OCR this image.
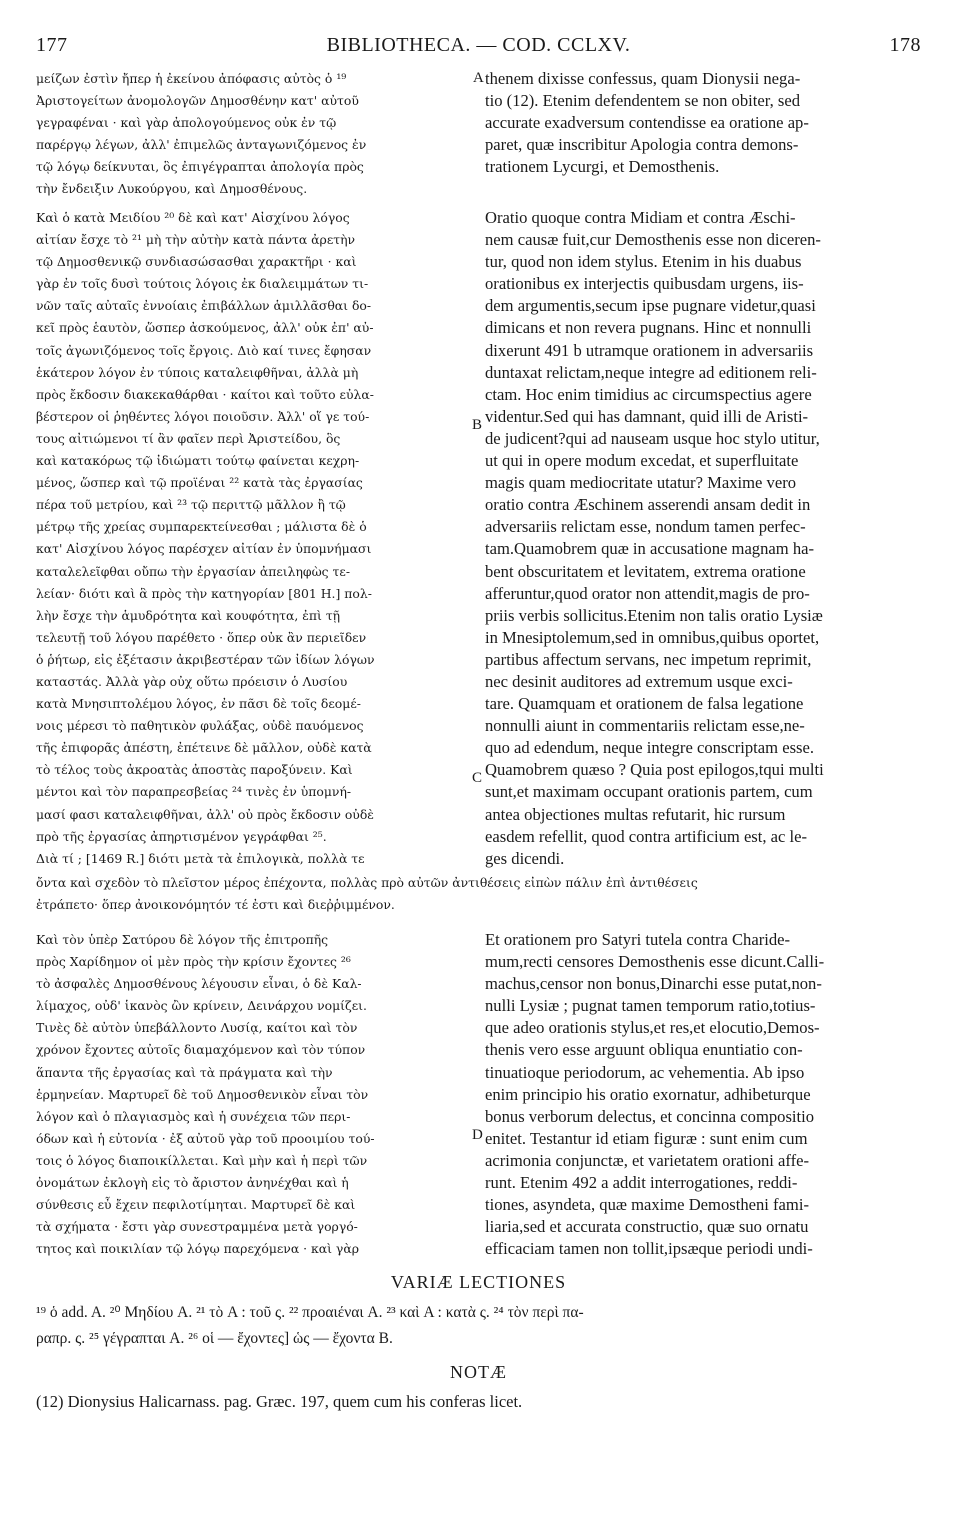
177	BIBLIOTHECA. — COD. CCLXV.	178
μείζων ἐστὶν ἤπερ ἡ ἐκείνου ἀπόφασις αὐτὸς ὁ ¹⁹
Ἀριστογείτων ἀνομολογῶν Δημοσθένην κατ' αὐτοῦ
γεγραφέναι · καὶ γὰρ ἀπολογούμενος οὐκ ἐν τῷ
παρέργῳ λέγων, ἀλλ' ἐπιμελῶς ἀνταγωνιζόμενος ἐν
τῷ λόγῳ δείκνυται, ὃς ἐπιγέγραπται ἀπολογία πρὸς
τὴν ἔνδειξιν Λυκούργου, καὶ Δημοσθένους.
Καὶ ὁ κατὰ Μειδίου ²⁰ δὲ καὶ κατ' Αἰσχίνου λόγος
αἰτίαν ἔσχε τὸ ²¹ μὴ τὴν αὐτὴν κατὰ πάντα ἀρετὴν
τῷ Δημοσθενικῷ συνδιασώσασθαι χαρακτῆρι · καὶ
γὰρ ἐν τοῖς δυσὶ τούτοις λόγοις ἐκ διαλειμμάτων τι-
νῶν ταῖς αὐταῖς ἐννοίαις ἐπιβάλλων ἁμιλλᾶσθαι δο-
κεῖ πρὸς ἑαυτὸν, ὥσπερ ἀσκούμενος, ἀλλ' οὐκ ἐπ' αὐ-
τοῖς ἀγωνιζόμενος τοῖς ἔργοις. Διὸ καί τινες ἔφησαν
ἑκάτερον λόγον ἐν τύποις καταλειφθῆναι, ἀλλὰ μὴ
πρὸς ἔκδοσιν διακεκαθάρθαι · καίτοι καὶ τοῦτο εὐλα-
βέστερον οἱ ῥηθέντες λόγοι ποιοῦσιν. Ἀλλ' οἵ γε τού-
τους αἰτιώμενοι τί ἂν φαῖεν περὶ Ἀριστείδου, ὃς
καὶ κατακόρως τῷ ἰδιώματι τούτῳ φαίνεται κεχρη-
μένος, ὥσπερ καὶ τῷ προϊέναι ²² κατὰ τὰς ἐργασίας
πέρα τοῦ μετρίου, καὶ ²³ τῷ περιττῷ μᾶλλον ἢ τῷ
μέτρῳ τῆς χρείας συμπαρεκτείνεσθαι ; μάλιστα δὲ ὁ
κατ' Αἰσχίνου λόγος παρέσχεν αἰτίαν ἐν ὑπομνήμασι
καταλελεῖφθαι οὔπω τὴν ἐργασίαν ἀπειληφὼς τε-
λείαν· διότι καὶ ἃ πρὸς τὴν κατηγορίαν [801 H.] πολ-
λὴν ἔσχε τὴν ἁμυδρότητα καὶ κουφότητα, ἐπὶ τῇ
τελευτῇ τοῦ λόγου παρέθετο · ὅπερ οὐκ ἂν περιεῖδεν
ὁ ῥήτωρ, εἰς ἐξέτασιν ἀκριβεστέραν τῶν ἰδίων λόγων
καταστάς. Ἀλλὰ γὰρ οὐχ οὕτω πρόεισιν ὁ Λυσίου
κατὰ Μνησιπτολέμου λόγος, ἐν πᾶσι δὲ τοῖς δεομέ-
νοις μέρεσι τὸ παθητικὸν φυλάξας, οὐδὲ παυόμενος
τῆς ἐπιφορᾶς ἀπέστη, ἐπέτεινε δὲ μᾶλλον, οὐδὲ κατὰ
τὸ τέλος τοὺς ἀκροατὰς ἀποστὰς παροξύνειν. Καὶ
μέντοι καὶ τὸν παραπρεσβείας ²⁴ τινὲς ἐν ὑπομνή-
μασί φασι καταλειφθῆναι, ἀλλ' οὐ πρὸς ἔκδοσιν οὐδὲ
πρὸ τῆς ἐργασίας ἀπηρτισμένον γεγράφθαι ²⁵.
Διὰ τί ; [1469 R.] διότι μετὰ τὰ ἐπιλογικὰ, πολλὰ τε
ὄντα καὶ σχεδὸν τὸ πλεῖστον μέρος ἐπέχοντα, πολλὰς πρὸ αὐτῶν ἀντιθέσεις εἰπὼν πάλιν ἐπὶ ἀντιθέσεις
ἐτράπετο· ὅπερ ἀνοικονόμητόν τέ ἐστι καὶ διεῤῥιμμένον.
Καὶ τὸν ὑπὲρ Σατύρου δὲ λόγον τῆς ἐπιτροπῆς
πρὸς Χαρίδημον οἱ μὲν πρὸς τὴν κρίσιν ἔχοντες ²⁶
τὸ ἀσφαλὲς Δημοσθένους λέγουσιν εἶναι, ὁ δὲ Καλ-
λίμαχος, οὐδ' ἱκανὸς ὢν κρίνειν, Δεινάρχου νομίζει.
Τινὲς δὲ αὐτὸν ὑπεβάλλοντο Λυσίᾳ, καίτοι καὶ τὸν
χρόνον ἔχοντες αὐτοῖς διαμαχόμενον καὶ τὸν τύπον
ἅπαντα τῆς ἐργασίας καὶ τὰ πράγματα καὶ τὴν
ἑρμηνείαν. Μαρτυρεῖ δὲ τοῦ Δημοσθενικὸν εἶναι τὸν
λόγον καὶ ὁ πλαγιασμὸς καὶ ἡ συνέχεια τῶν περι-
όδων καὶ ἡ εὐτονία · ἐξ αὐτοῦ γὰρ τοῦ προοιμίου τού-
τοις ὁ λόγος διαποικίλλεται. Καὶ μὴν καὶ ἡ περὶ τῶν
ὀνομάτων ἐκλογὴ εἰς τὸ ἄριστον ἀνηνέχθαι καὶ ἡ
σύνθεσις εὖ ἔχειν πεφιλοτίμηται. Μαρτυρεῖ δὲ καὶ
τὰ σχήματα · ἔστι γὰρ συνεστραμμένα μετὰ γοργό-
τητος καὶ ποικιλίαν τῷ λόγῳ παρεχόμενα · καὶ γὰρ
thenem dixisse confessus, quam Dionysii nega-
tio (12). Etenim defendentem se non obiter, sed
accurate exadversum contendisse ea oratione ap-
paret, quæ inscribitur Apologia contra demons-
trationem Lycurgi, et Demosthenis.
Oratio quoque contra Midiam et contra Æschi-
nem causæ fuit,cur Demosthenis esse non diceren-
tur, quod non idem stylus. Etenim in his duabus
orationibus ex interjectis quibusdam urgens, iis-
dem argumentis,secum ipse pugnare videtur,quasi
dimicans et non revera pugnans. Hinc et nonnulli
dixerunt 491 b utramque orationem in adversariis
duntaxat relictam,neque integre ad editionem reli-
ctam. Hoc enim timidius ac circumspectius agere
videntur.Sed qui has damnant, quid illi de Aristi-
de judicent?qui ad nauseam usque hoc stylo utitur,
ut qui in opere modum excedat, et superfluitate
magis quam mediocritate utatur? Maxime vero
oratio contra Æschinem asserendi ansam dedit in
adversariis relictam esse, nondum tamen perfec-
tam.Quamobrem quæ in accusatione magnam ha-
bent obscuritatem et levitatem, extrema oratione
afferuntur,quod orator non attendit,magis de pro-
priis verbis sollicitus.Etenim non talis oratio Lysiæ
in Mnesiptolemum,sed in omnibus,quibus oportet,
partibus affectum servans, nec impetum reprimit,
nec desinit auditores ad extremum usque exci-
tare. Quamquam et orationem de falsa legatione
nonnulli aiunt in commentariis relictam esse,ne-
quo ad edendum, neque integre conscriptam esse.
Quamobrem quæso ? Quia post epilogos,tqui multi
sunt,et maximam occupant orationis partem, cum
antea objectiones multas refutarit, hic rursum
easdem refellit, quod contra artificium est, ac le-
ges dicendi.
Et orationem pro Satyri tutela contra Charide-
mum,recti censores Demosthenis esse dicunt.Calli-
machus,censor non bonus,Dinarchi esse putat,non-
nulli Lysiæ ; pugnat tamen temporum ratio,totius-
que adeo orationis stylus,et res,et elocutio,Demos-
thenis vero esse arguunt obliqua enuntiatio con-
tinuatioque periodorum, ac vehementia. Ab ipso
enim principio his oratio exornatur, adhibeturque
bonus verborum delectus, et concinna compositio
enitet. Testantur id etiam figuræ : sunt enim cum
acrimonia conjunctæ, et varietatem orationi affe-
runt. Etenim 492 a addit interrogationes, reddi-
tiones, asyndeta, quæ maxime Demostheni fami-
liaria,sed et accurata constructio, quæ suo ornatu
efficaciam tamen non tollit,ipsæque periodi undi-
A
B
C
D
VARIÆ LECTIONES
¹⁹ ὁ add. A. ²⁰ Μηδίου A. ²¹ τὸ A : τοῦ ς. ²² προαιέναι A. ²³ καὶ A : κατὰ ς. ²⁴ τὸν περὶ πα-
ραπρ. ς. ²⁵ γέγραπται A. ²⁶ οἱ — ἔχοντες] ὡς — ἔχοντα B.
NOTÆ
(12) Dionysius Halicarnass. pag. Græc. 197, quem cum his conferas licet.
